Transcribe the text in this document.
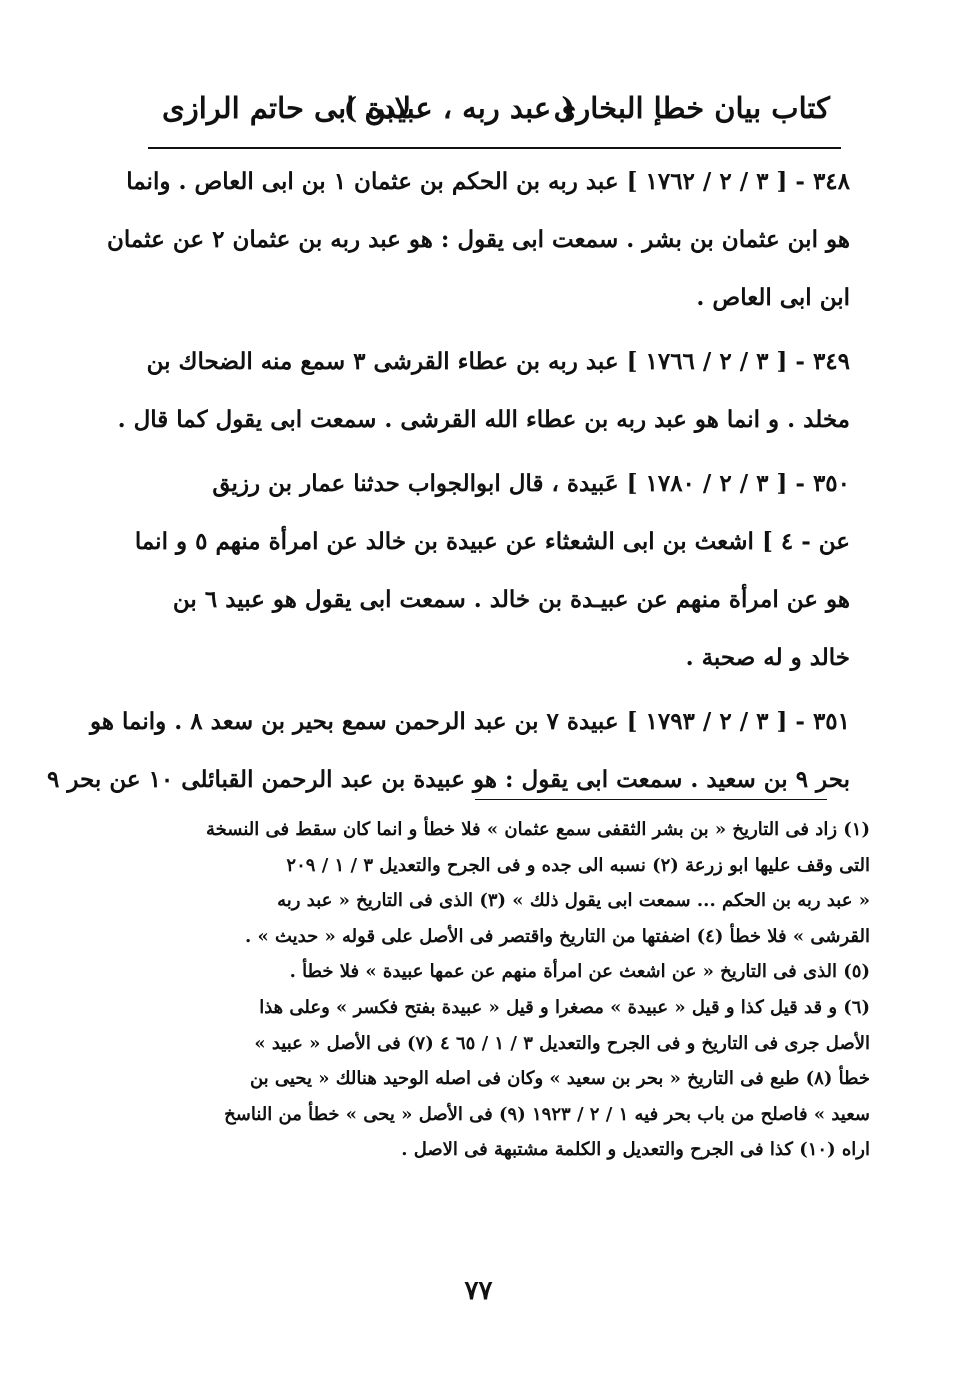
كتاب بيان خطإ البخارى
( عبد ربه ، عبيدة )
لابن ابى حاتم الرازى
٣٤٨ - [ ٣ / ٢ / ١٧٦٢ ] عبد ربه بن الحكم بن عثمان ١ بن ابى العاص . وانما
هو ابن عثمان بن بشر . سمعت ابى يقول : هو عبد ربه بن عثمان ٢ عن عثمان
ابن ابى العاص .
٣٤٩ - [ ٣ / ٢ / ١٧٦٦ ] عبد ربه بن عطاء القرشى ٣ سمع منه الضحاك بن
مخلد . و انما هو عبد ربه بن عطاء الله القرشى . سمعت ابى يقول كما قال .
٣٥٠ - [ ٣ / ٢ / ١٧٨٠ ] عَبيدة ، قال ابوالجواب حدثنا عمار بن رزيق
عن - ٤ ] اشعث بن ابى الشعثاء عن عبيدة بن خالد عن امرأة منهم ٥ و انما
هو عن امرأة منهم عن عبيـدة بن خالد . سمعت ابى يقول هو عبيد ٦ بن
خالد و له صحبة .
٣٥١ - [ ٣ / ٢ / ١٧٩٣ ] عبيدة ٧ بن عبد الرحمن سمع بحير بن سعد ٨ . وانما هو
بحر ٩ بن سعيد . سمعت ابى يقول : هو عبيدة بن عبد الرحمن القبائلى ١٠ عن بحر ٩
(١) زاد فى التاريخ « بن بشر الثقفى سمع عثمان » فلا خطأ و انما كان سقط فى النسخة
التى وقف عليها ابو زرعة (٢) نسبه الى جده و فى الجرح والتعديل ٣ / ١ / ٢٠٩
« عبد ربه بن الحكم ... سمعت ابى يقول ذلك » (٣) الذى فى التاريخ « عبد ربه
القرشى » فلا خطأ (٤) اضفتها من التاريخ واقتصر فى الأصل على قوله « حديث » .
(٥) الذى فى التاريخ « عن اشعث عن امرأة منهم عن عمها عبيدة » فلا خطأ .
(٦) و قد قيل كذا و قيل « عبيدة » مصغرا و قيل « عبيدة بفتح فكسر » وعلى هذا
الأصل جرى فى التاريخ و فى الجرح والتعديل ٣ / ١ / ٦٥ ٤ (٧) فى الأصل « عبيد »
خطأ (٨) طبع فى التاريخ « بحر بن سعيد » وكان فى اصله الوحيد هنالك « يحيى بن
سعيد » فاصلح من باب بحر فيه ١ / ٢ / ١٩٢٣ (٩) فى الأصل « يحى » خطأ من الناسخ
اراه (١٠) كذا فى الجرح والتعديل و الكلمة مشتبهة فى الاصل .
٧٧
